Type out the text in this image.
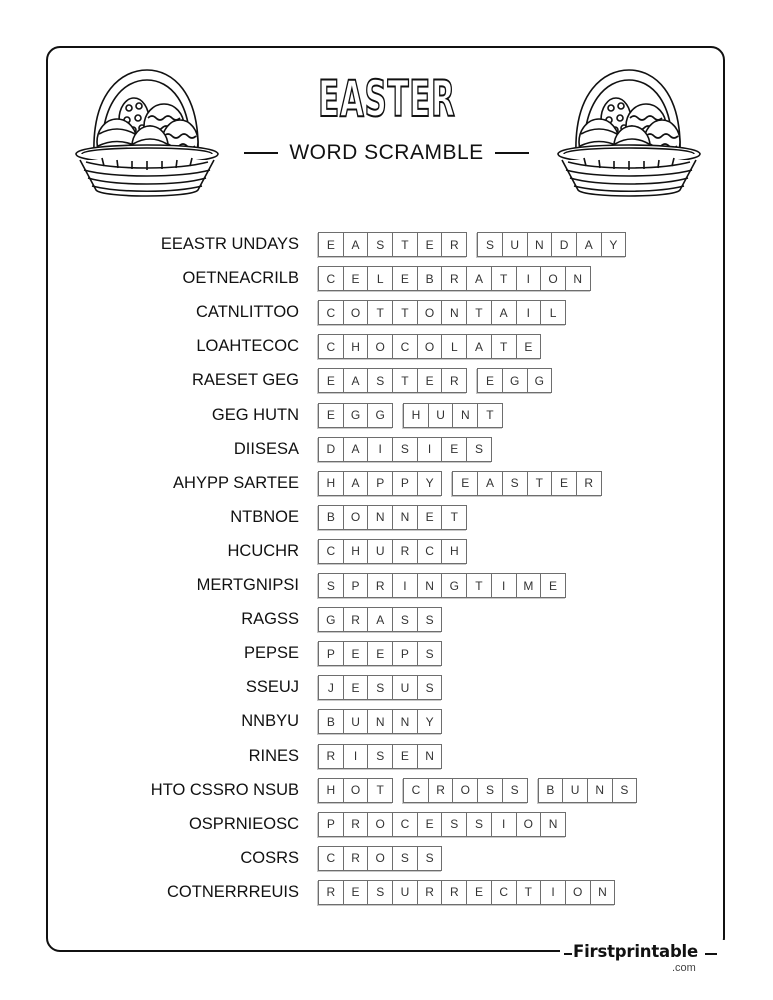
EASTER
WORD SCRAMBLE
EEASTR UNDAYS	E	A	S	T	E	R	S	U	N	D	A	Y
OETNEACRILB	C	E	L	E	B	R	A	T	I	O	N
CATNLITTOO	C	O	T	T	O	N	T	A	I	L
LOAHTECOC	C	H	O	C	O	L	A	T	E
RAESET GEG	E	A	S	T	E	R	E	G	G
GEG HUTN	E	G	G	H	U	N	T
DIISESA	D	A	I	S	I	E	S
AHYPP SARTEE	H	A	P	P	Y	E	A	S	T	E	R
NTBNOE	B	O	N	N	E	T
HCUCHR	C	H	U	R	C	H
MERTGNIPSI	S	P	R	I	N	G	T	I	M	E
RAGSS	G	R	A	S	S
PEPSE	P	E	E	P	S
SSEUJ	J	E	S	U	S
NNBYU	B	U	N	N	Y
RINES	R	I	S	E	N
HTO CSSRO NSUB	H	O	T	C	R	O	S	S	B	U	N	S
OSPRNIEOSC	P	R	O	C	E	S	S	I	O	N
COSRS	C	R	O	S	S
COTNERRREUIS	R	E	S	U	R	R	E	C	T	I	O	N
Firstprintable
.com
